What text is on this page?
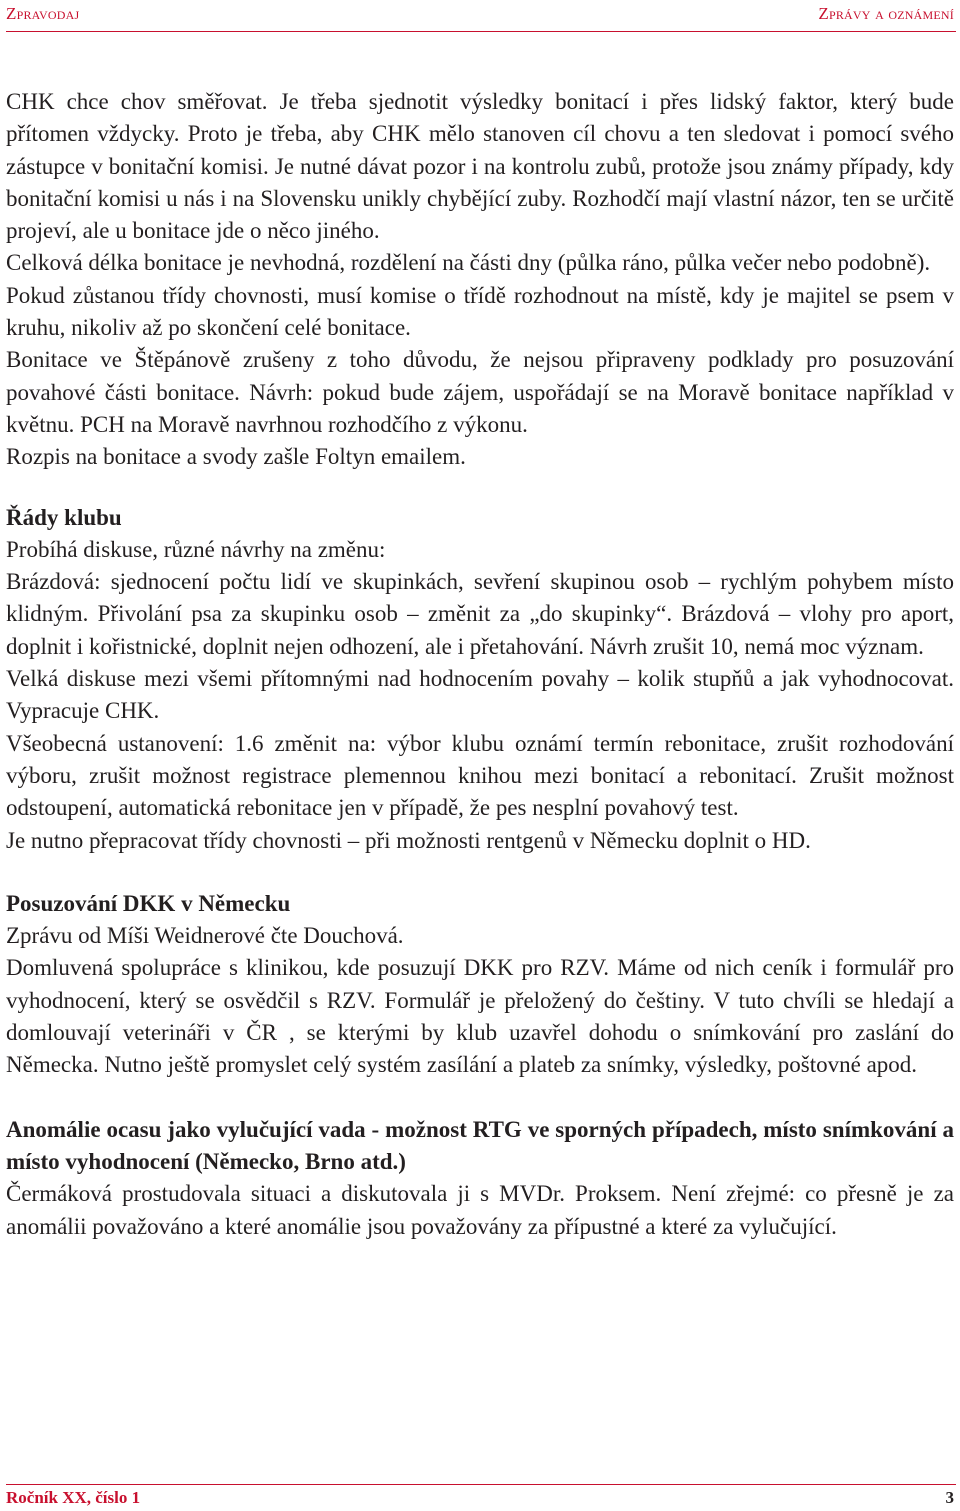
Zpravodaj	Zprávy a oznámení

CHK chce chov směřovat. Je třeba sjednotit výsledky bonitací i přes lidský faktor, který bude přítomen vždycky. Proto je třeba, aby CHK mělo stanoven cíl chovu a ten sledovat i pomocí svého zástupce v bonitační komisi. Je nutné dávat pozor i na kontrolu zubů, protože jsou známy případy, kdy bonitační komisi u nás i na Slovensku unikly chybějící zuby. Rozhodčí mají vlastní názor, ten se určitě projeví, ale u bonitace jde o něco jiného.

Celková délka bonitace je nevhodná, rozdělení na části dny (půlka ráno, půlka večer nebo podobně).

Pokud zůstanou třídy chovnosti, musí komise o třídě rozhodnout na místě, kdy je majitel se psem v kruhu, nikoliv až po skončení celé bonitace.

Bonitace ve Štěpánově zrušeny z toho důvodu, že nejsou připraveny podklady pro posuzování povahové části bonitace. Návrh: pokud bude zájem, uspořádají se na Moravě bonitace například v květnu. PCH na Moravě navrhnou rozhodčího z výkonu.

Rozpis na bonitace a svody zašle Foltyn emailem.

Řády klubu

Probíhá diskuse, různé návrhy na změnu:

Brázdová: sjednocení počtu lidí ve skupinkách, sevření skupinou osob – rychlým pohybem místo klidným. Přivolání psa za skupinku osob – změnit za „do skupinky“. Brázdová – vlohy pro aport, doplnit i kořistnické, doplnit nejen odhození, ale i přetahování. Návrh zrušit 10, nemá moc význam.

Velká diskuse mezi všemi přítomnými nad hodnocením povahy – kolik stupňů a jak vyhodnocovat. Vypracuje CHK.

Všeobecná ustanovení: 1.6 změnit na: výbor klubu oznámí termín rebonitace, zrušit rozhodování výboru, zrušit možnost registrace plemennou knihou mezi bonitací a rebonitací. Zrušit možnost odstoupení, automatická rebonitace jen v případě, že pes nesplní povahový test.

Je nutno přepracovat třídy chovnosti – při možnosti rentgenů v Německu doplnit o HD.

Posuzování DKK v Německu

Zprávu od Míši Weidnerové čte Douchová.

Domluvená spolupráce s klinikou, kde posuzují DKK pro RZV. Máme od nich ceník i formulář pro vyhodnocení, který se osvědčil s RZV. Formulář je přeložený do češtiny. V tuto chvíli se hledají a domlouvají veterináři v ČR , se kterými by klub uzavřel dohodu o snímkování pro zaslání do Německa. Nutno ještě promyslet celý systém zasílání a plateb za snímky, výsledky, poštovné apod.

Anomálie ocasu jako vylučující vada - možnost RTG ve sporných případech, místo snímkování a místo vyhodnocení (Německo, Brno atd.)

Čermáková prostudovala situaci a diskutovala ji s MVDr. Proksem. Není zřejmé: co přesně je za anomálii považováno a které anomálie jsou považovány za přípustné a které za vylučující.

Ročník XX, číslo 1	3
